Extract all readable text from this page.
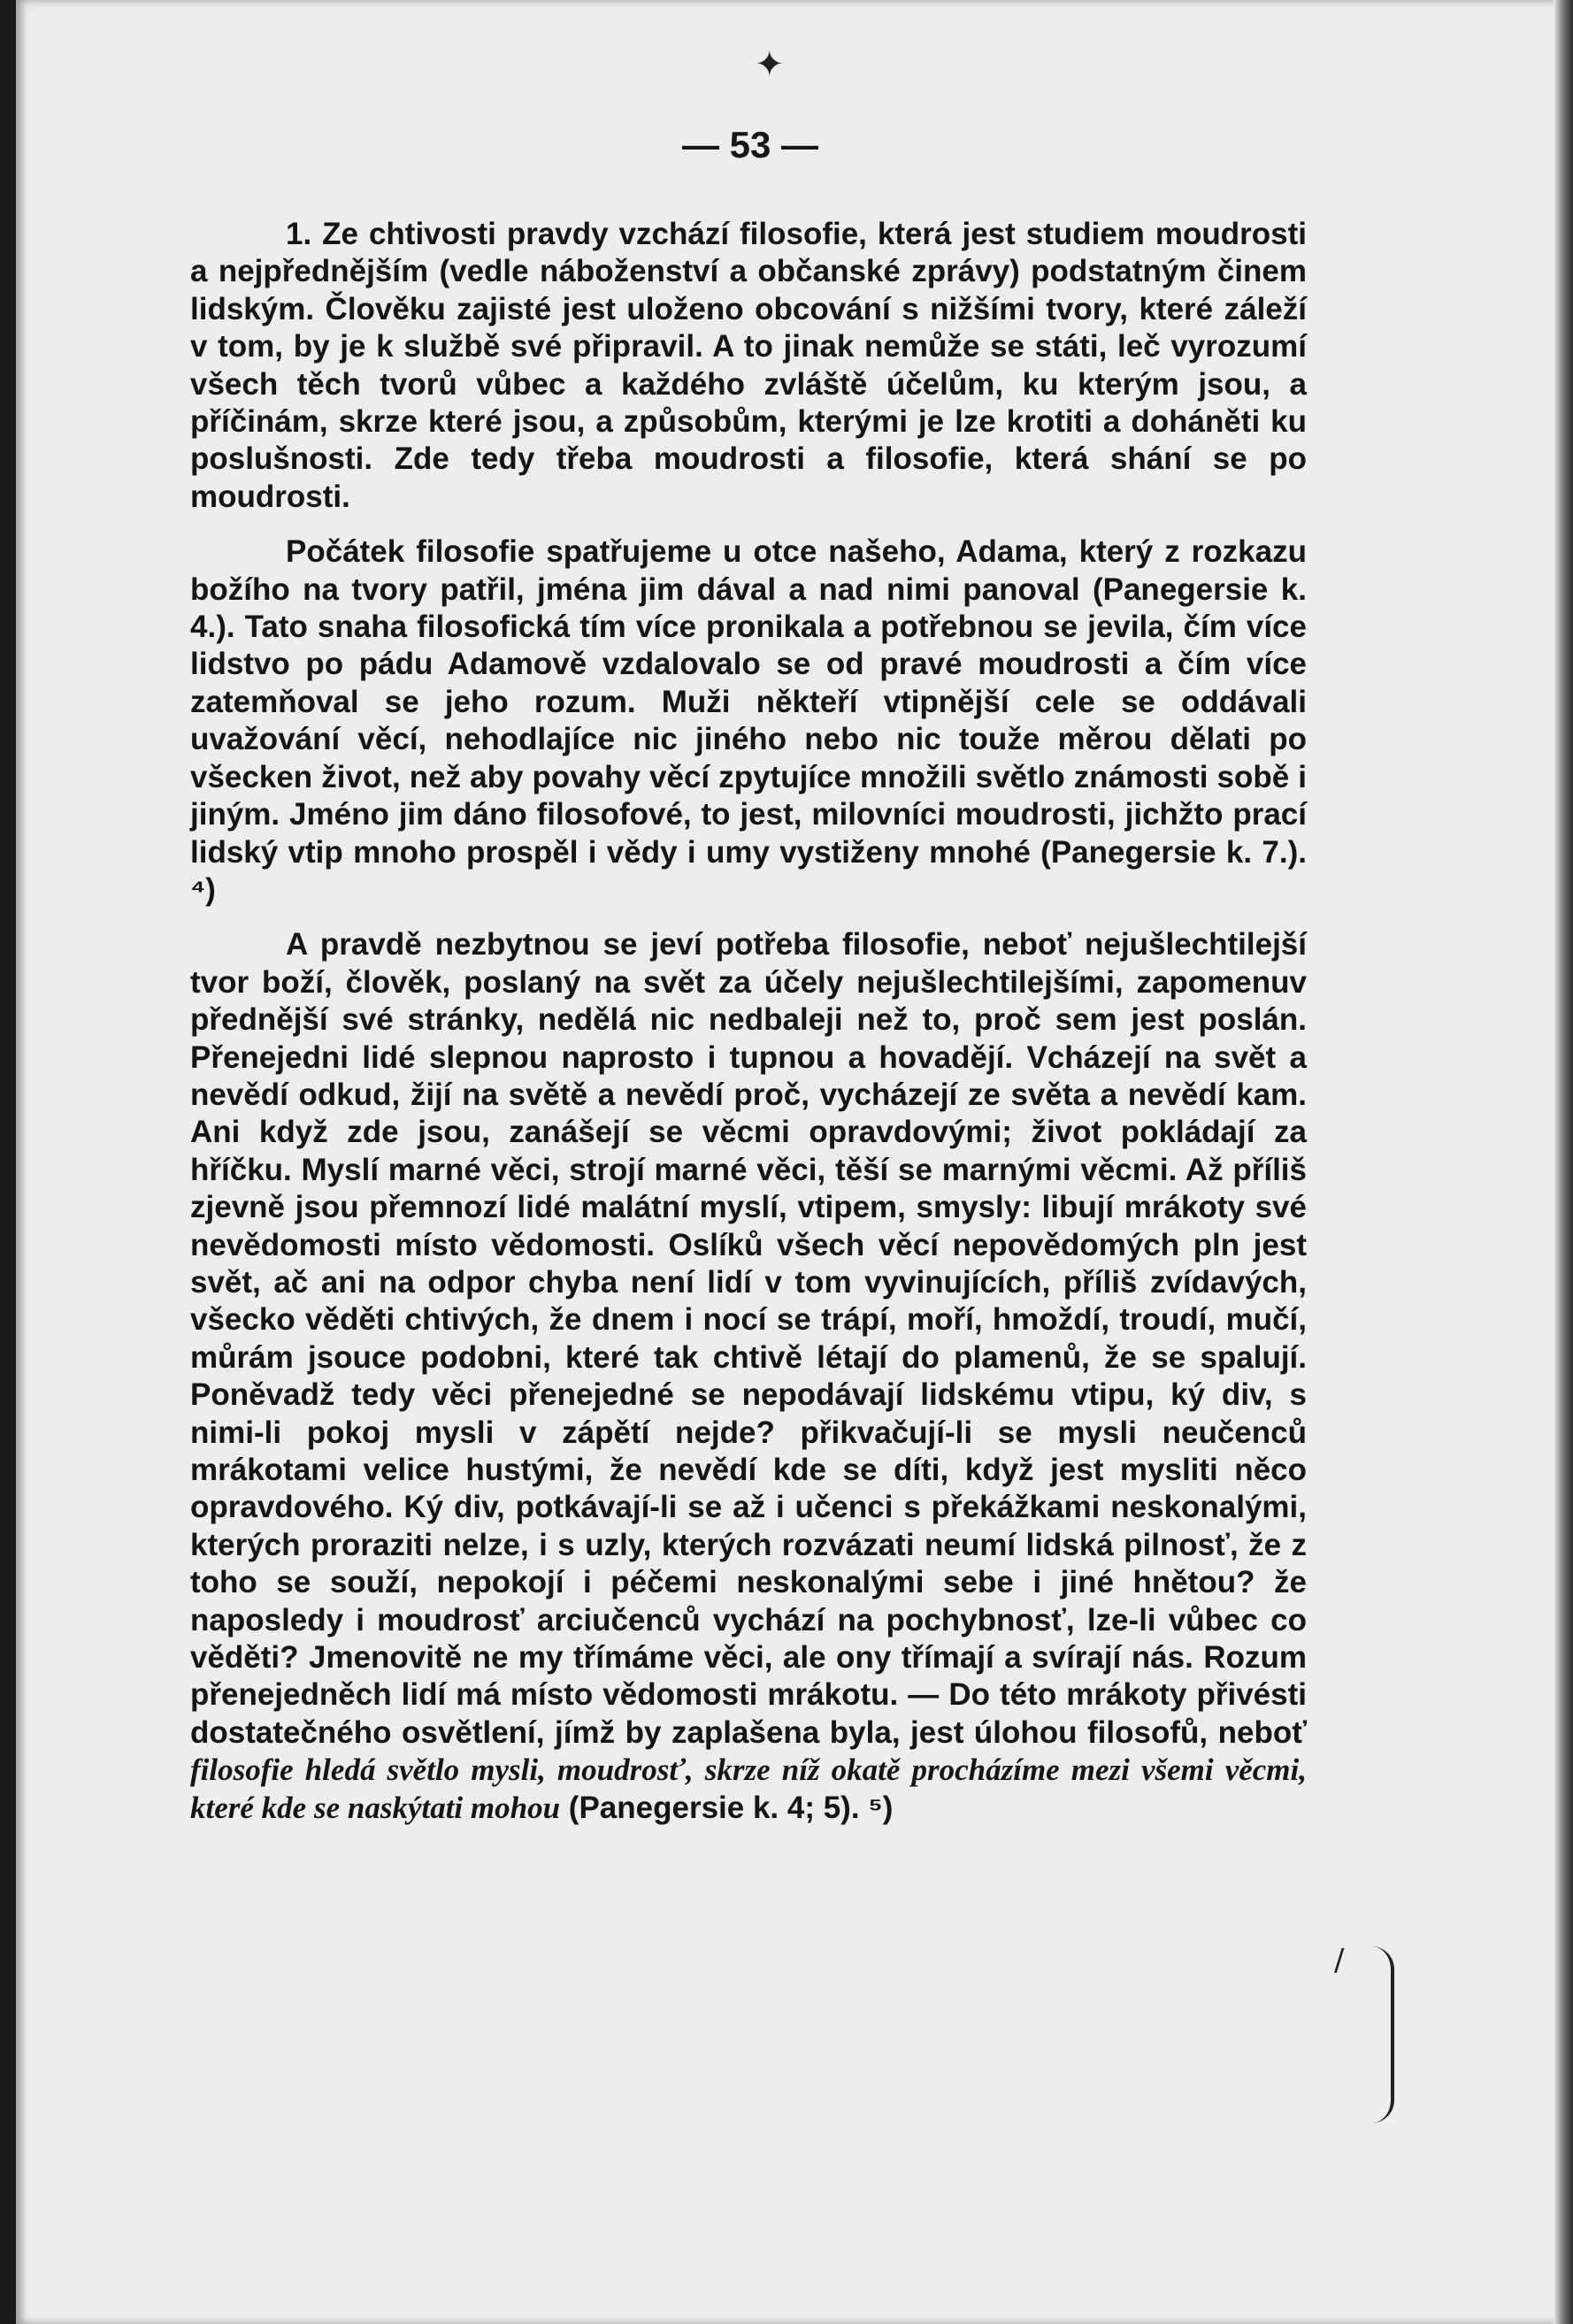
— 53 —

1. Ze chtivosti pravdy vzchází filosofie, která jest studiem moudrosti a nejpřednějším (vedle náboženství a občanské zprávy) podstatným činem lidským. Člověku zajisté jest uloženo obcování s nižšími tvory, které záleží v tom, by je k službě své připravil. A to jinak nemůže se státi, leč vyrozumí všech těch tvorů vůbec a každého zvláště účelům, ku kterým jsou, a příčinám, skrze které jsou, a způsobům, kterými je lze krotiti a doháněti ku poslušnosti. Zde tedy třeba moudrosti a filosofie, která shání se po moudrosti.

Počátek filosofie spatřujeme u otce našeho, Adama, který z rozkazu božího na tvory patřil, jména jim dával a nad nimi panoval (Panegersie k. 4.). Tato snaha filosofická tím více pronikala a potřebnou se jevila, čím více lidstvo po pádu Adamově vzdalovalo se od pravé moudrosti a čím více zatemňoval se jeho rozum. Muži někteří vtipnější cele se oddávali uvažování věcí, nehodlajíce nic jiného nebo nic touže měrou dělati po všecken život, než aby povahy věcí zpytujíce množili světlo známosti sobě i jiným. Jméno jim dáno filosofové, to jest, milovníci moudrosti, jichžto prací lidský vtip mnoho prospěl i vědy i umy vystiženy mnohé (Panegersie k. 7.). ⁴)

A pravdě nezbytnou se jeví potřeba filosofie, neboť nejušlechtilejší tvor boží, člověk, poslaný na svět za účely nejušlechtilejšími, zapomenuv přednější své stránky, nedělá nic nedbaleji než to, proč sem jest poslán. Přenejedni lidé slepnou naprosto i tupnou a hovadějí. Vcházejí na svět a nevědí odkud, žijí na světě a nevědí proč, vycházejí ze světa a nevědí kam. Ani když zde jsou, zanášejí se věcmi opravdovými; život pokládají za hříčku. Myslí marné věci, strojí marné věci, těší se marnými věcmi. Až příliš zjevně jsou přemnozí lidé malátní myslí, vtipem, smysly: libují mrákoty své nevědomosti místo vědomosti. Oslíků všech věcí nepovědomých pln jest svět, ač ani na odpor chyba není lidí v tom vyvinujících, příliš zvídavých, všecko věděti chtivých, že dnem i nocí se trápí, moří, hmoždí, troudí, mučí, můrám jsouce podobni, které tak chtivě létají do plamenů, že se spalují. Poněvadž tedy věci přenejedné se nepodávají lidskému vtipu, ký div, s nimi-li pokoj mysli v zápětí nejde? přikvačují-li se mysli neučenců mrákotami velice hustými, že nevědí kde se díti, když jest mysliti něco opravdového. Ký div, potkávají-li se až i učenci s překážkami neskonalými, kterých proraziti nelze, i s uzly, kterých rozvázati neumí lidská pilnosť, že z toho se souží, nepokojí i péčemi neskonalými sebe i jiné hnětou? že naposledy i moudrosť arciučenců vychází na pochybnosť, lze-li vůbec co věděti? Jmenovitě ne my třímáme věci, ale ony třímají a svírají nás. Rozum přenejedněch lidí má místo vědomosti mrákotu. — Do této mrákoty přivésti dostatečného osvětlení, jímž by zaplašena byla, jest úlohou filosofů, neboť filosofie hledá světlo mysli, moudrosť, skrze níž okatě procházíme mezi všemi věcmi, které kde se naskýtati mohou (Panegersie k. 4; 5). ⁵)

/
✦
